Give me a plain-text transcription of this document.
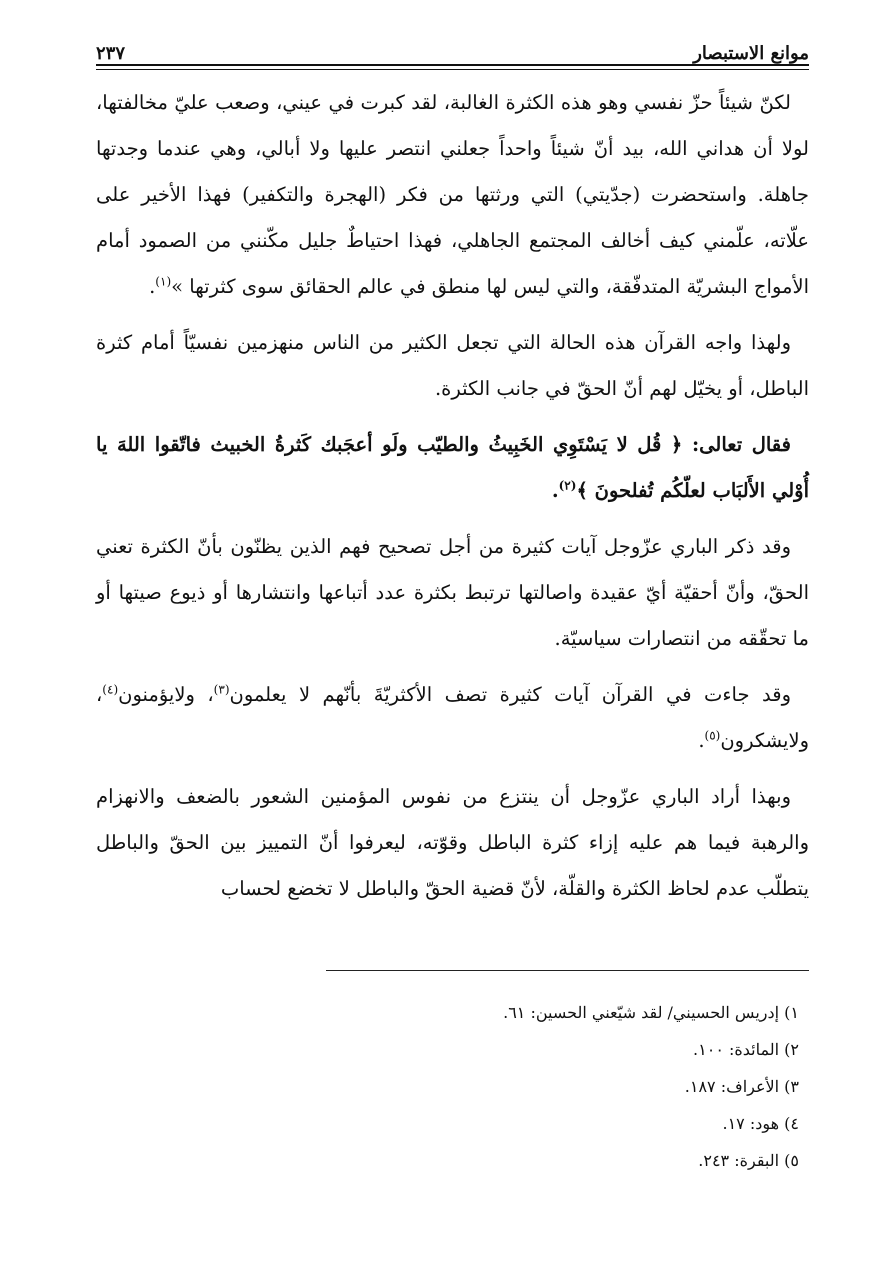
موانع الاستبصار
٢٣٧

لكنّ شيئاً حزّ نفسي وهو هذه الكثرة الغالبة، لقد كبرت في عيني، وصعب عليّ مخالفتها، لولا أن هداني الله، بيد أنّ شيئاً واحداً جعلني انتصر عليها ولا أبالي، وهي عندما وجدتها جاهلة. واستحضرت (جدّيتي) التي ورثتها من فكر (الهجرة والتكفير) فهذا الأخير على علّاته، علّمني كيف أخالف المجتمع الجاهلي، فهذا احتياطٌ جليل مكّنني من الصمود أمام الأمواج البشريّة المتدفّقة، والتي ليس لها منطق في عالم الحقائق سوى كثرتها »$^{(١)}$.

ولهذا واجه القرآن هذه الحالة التي تجعل الكثير من الناس منهزمين نفسيّاً أمام كثرة الباطل، أو يخيّل لهم أنّ الحقّ في جانب الكثرة.

فقال تعالى: ﴿ قُل لا يَسْتَوِي الخَبِيثُ والطيّب ولَو أعجَبك كَثرةُ الخبيث فاتّقوا اللهَ يا أُوْلي الأَلبَاب لعلّكُم تُفلحونَ ﴾$^{(٢)}$.

وقد ذكر الباري عزّوجل آيات كثيرة من أجل تصحيح فهم الذين يظنّون بأنّ الكثرة تعني الحقّ، وأنّ أحقيّة أيّ عقيدة واصالتها ترتبط بكثرة عدد أتباعها وانتشارها أو ذيوع صيتها أو ما تحقّقه من انتصارات سياسيّة.

وقد جاءت في القرآن آيات كثيرة تصف الأكثريّةَ بأنّهم لا يعلمون$^{(٣)}$، ولايؤمنون$^{(٤)}$، ولايشكرون$^{(٥)}$.

وبهذا أراد الباري عزّوجل أن ينتزع من نفوس المؤمنين الشعور بالضعف والانهزام والرهبة فيما هم عليه إزاء كثرة الباطل وقوّته، ليعرفوا أنّ التمييز بين الحقّ والباطل يتطلّب عدم لحاظ الكثرة والقلّة، لأنّ قضية الحقّ والباطل لا تخضع لحساب

١) إدريس الحسيني/ لقد شيّعني الحسين: ٦١.
٢) المائدة: ١٠٠.
٣) الأعراف: ١٨٧.
٤) هود: ١٧.
٥) البقرة: ٢٤٣.
